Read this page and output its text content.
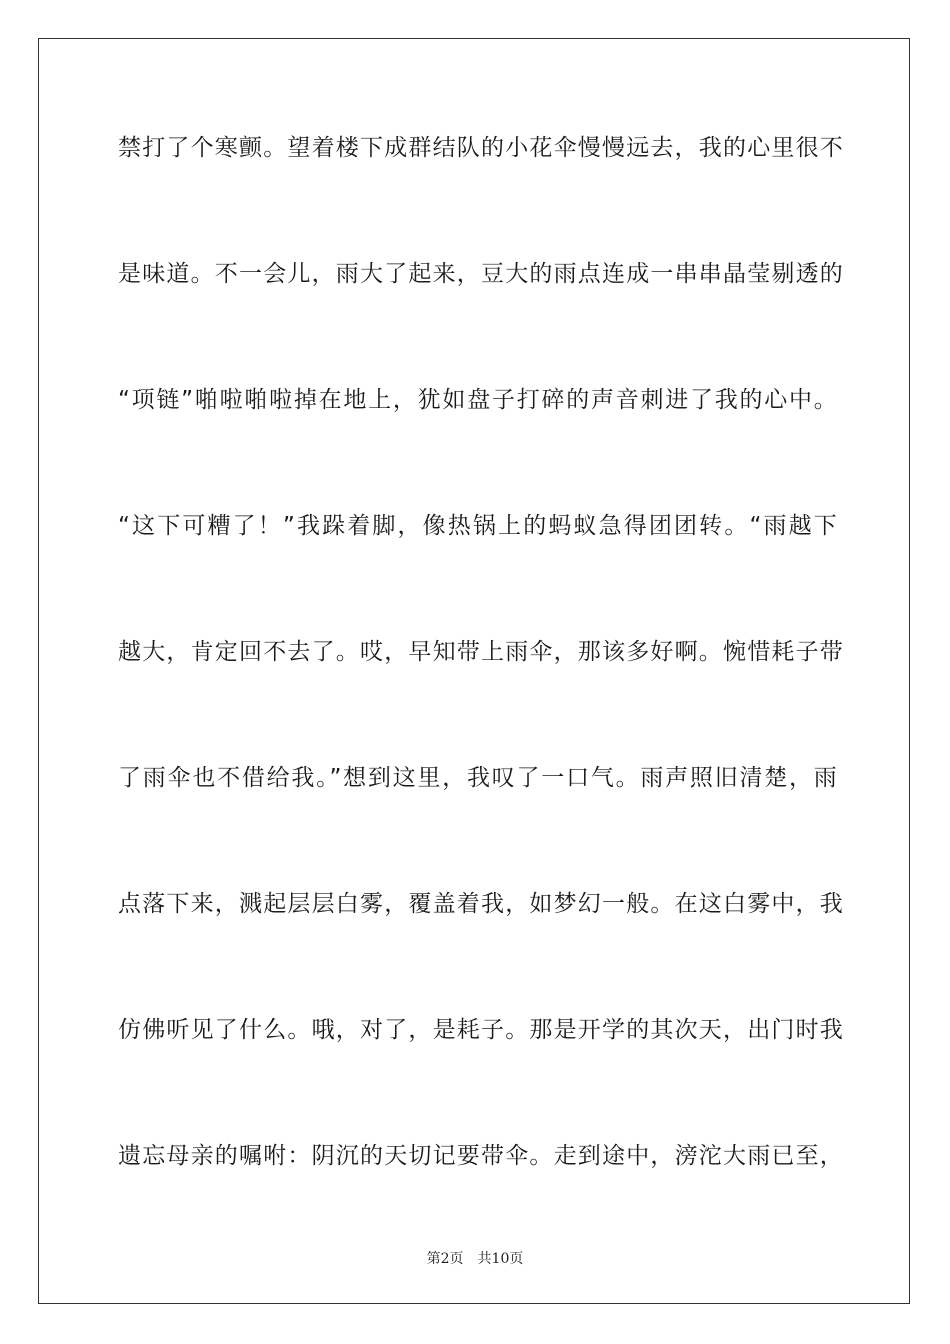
禁打了个寒颤。望着楼下成群结队的小花伞慢慢远去，我的心里很不
是味道。不一会儿，雨大了起来，豆大的雨点连成一串串晶莹剔透的
“项链”啪啦啪啦掉在地上，犹如盘子打碎的声音刺进了我的心中。
“这下可糟了！”我跺着脚，像热锅上的蚂蚁急得团团转。“雨越下
越大，肯定回不去了。哎，早知带上雨伞，那该多好啊。惋惜耗子带
了雨伞也不借给我。”想到这里，我叹了一口气。雨声照旧清楚，雨
点落下来，溅起层层白雾，覆盖着我，如梦幻一般。在这白雾中，我
仿佛听见了什么。哦，对了，是耗子。那是开学的其次天，出门时我
遗忘母亲的嘱咐：阴沉的天切记要带伞。走到途中，滂沱大雨已至，
第2页 共10页
